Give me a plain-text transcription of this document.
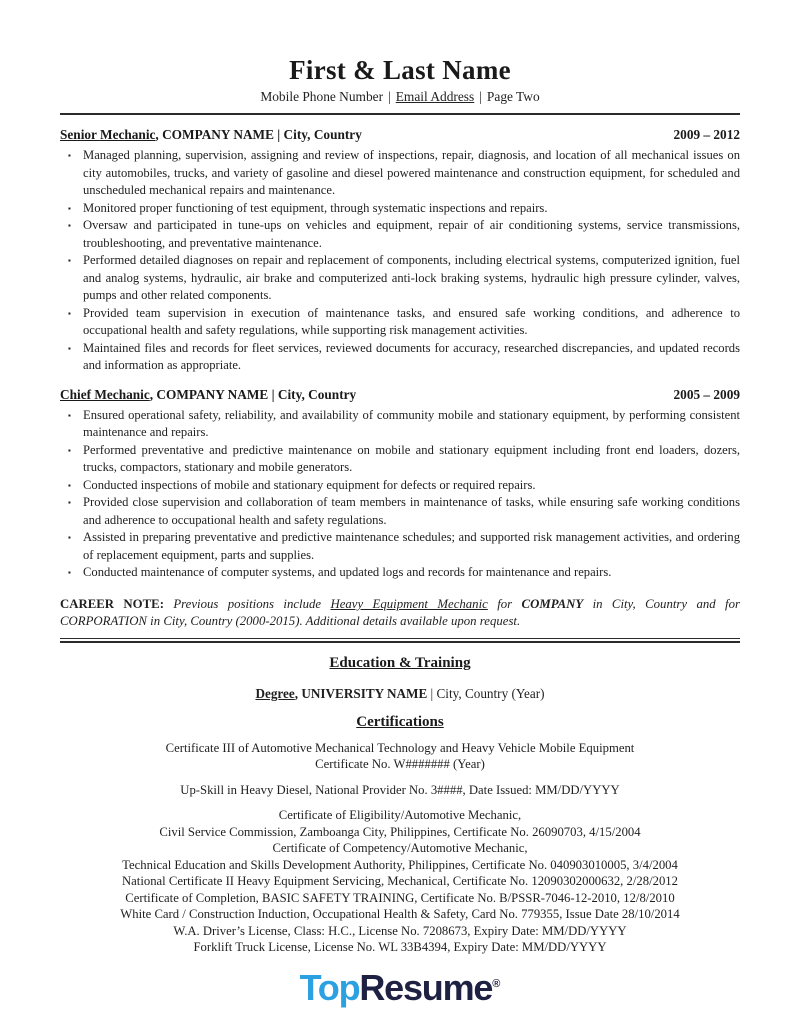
First & Last Name
Mobile Phone Number | Email Address | Page Two
Senior Mechanic, COMPANY NAME | City, Country	2009 – 2012
▪ Managed planning, supervision, assigning and review of inspections, repair, diagnosis, and location of all mechanical issues on city automobiles, trucks, and variety of gasoline and diesel powered maintenance and construction equipment, for scheduled and unscheduled mechanical repairs and maintenance.
▪ Monitored proper functioning of test equipment, through systematic inspections and repairs.
▪ Oversaw and participated in tune-ups on vehicles and equipment, repair of air conditioning systems, service transmissions, troubleshooting, and preventative maintenance.
▪ Performed detailed diagnoses on repair and replacement of components, including electrical systems, computerized ignition, fuel and analog systems, hydraulic, air brake and computerized anti-lock braking systems, hydraulic high pressure cylinder, valves, pumps and other related components.
▪ Provided team supervision in execution of maintenance tasks, and ensured safe working conditions, and adherence to occupational health and safety regulations, while supporting risk management activities.
▪ Maintained files and records for fleet services, reviewed documents for accuracy, researched discrepancies, and updated records and information as appropriate.
Chief Mechanic, COMPANY NAME | City, Country	2005 – 2009
▪ Ensured operational safety, reliability, and availability of community mobile and stationary equipment, by performing consistent maintenance and repairs.
▪ Performed preventative and predictive maintenance on mobile and stationary equipment including front end loaders, dozers, trucks, compactors, stationary and mobile generators.
▪ Conducted inspections of mobile and stationary equipment for defects or required repairs.
▪ Provided close supervision and collaboration of team members in maintenance of tasks, while ensuring safe working conditions and adherence to occupational health and safety regulations.
▪ Assisted in preparing preventative and predictive maintenance schedules; and supported risk management activities, and ordering of replacement equipment, parts and supplies.
▪ Conducted maintenance of computer systems, and updated logs and records for maintenance and repairs.

CAREER NOTE: Previous positions include Heavy Equipment Mechanic for COMPANY in City, Country and for CORPORATION in City, Country (2000-2015). Additional details available upon request.

Education & Training

Degree, UNIVERSITY NAME | City, Country (Year)

Certifications
Certificate III of Automotive Mechanical Technology and Heavy Vehicle Mobile Equipment
Certificate No. W####### (Year)
Up-Skill in Heavy Diesel, National Provider No. 3####, Date Issued: MM/DD/YYYY
Certificate of Eligibility/Automotive Mechanic,
Civil Service Commission, Zamboanga City, Philippines, Certificate No. 26090703, 4/15/2004
Certificate of Competency/Automotive Mechanic,
Technical Education and Skills Development Authority, Philippines, Certificate No. 040903010005, 3/4/2004
National Certificate II Heavy Equipment Servicing, Mechanical, Certificate No. 12090302000632, 2/28/2012
Certificate of Completion, BASIC SAFETY TRAINING, Certificate No. B/PSSR-7046-12-2010, 12/8/2010
White Card / Construction Induction, Occupational Health & Safety, Card No. 779355, Issue Date 28/10/2014
W.A. Driver’s License, Class: H.C., License No. 7208673, Expiry Date: MM/DD/YYYY
Forklift Truck License, License No. WL 33B4394, Expiry Date: MM/DD/YYYY
TopResume®
